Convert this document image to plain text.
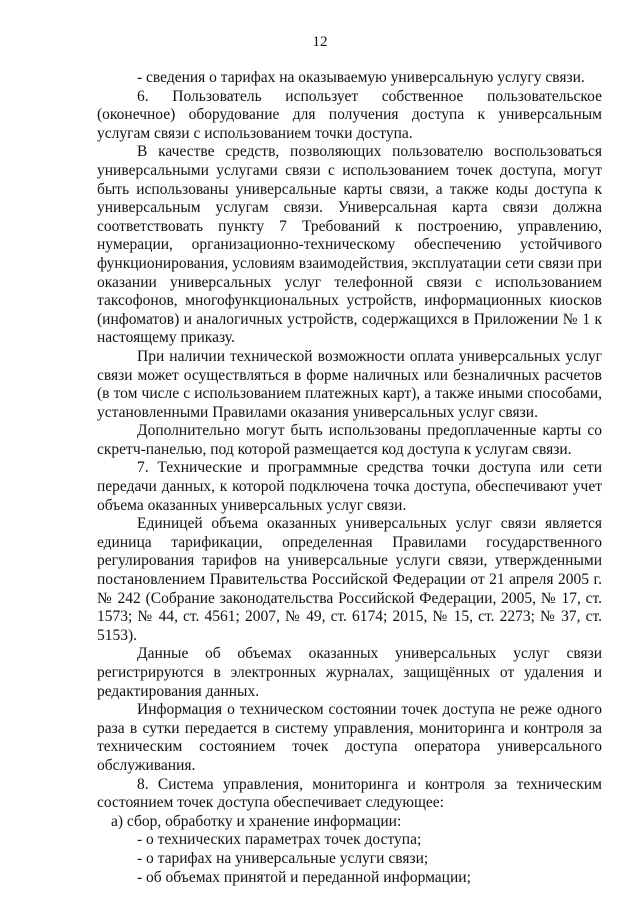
12

- сведения о тарифах на оказываемую универсальную услугу связи.

6. Пользователь использует собственное пользовательское (оконечное) оборудование для получения доступа к универсальным услугам связи с использованием точки доступа.

В качестве средств, позволяющих пользователю воспользоваться универсальными услугами связи с использованием точек доступа, могут быть использованы универсальные карты связи, а также коды доступа к универсальным услугам связи. Универсальная карта связи должна соответствовать пункту 7 Требований к построению, управлению, нумерации, организационно-техническому обеспечению устойчивого функционирования, условиям взаимодействия, эксплуатации сети связи при оказании универсальных услуг телефонной связи с использованием таксофонов, многофункциональных устройств, информационных киосков (инфоматов) и аналогичных устройств, содержащихся в Приложении № 1 к настоящему приказу.

При наличии технической возможности оплата универсальных услуг связи может осуществляться в форме наличных или безналичных расчетов (в том числе с использованием платежных карт), а также иными способами, установленными Правилами оказания универсальных услуг связи.

Дополнительно могут быть использованы предоплаченные карты со скретч-панелью, под которой размещается код доступа к услугам связи.

7. Технические и программные средства точки доступа или сети передачи данных, к которой подключена точка доступа, обеспечивают учет объема оказанных универсальных услуг связи.

Единицей объема оказанных универсальных услуг связи является единица тарификации, определенная Правилами государственного регулирования тарифов на универсальные услуги связи, утвержденными постановлением Правительства Российской Федерации от 21 апреля 2005 г. № 242 (Собрание законодательства Российской Федерации, 2005, № 17, ст. 1573; № 44, ст. 4561; 2007, № 49, ст. 6174; 2015, № 15, ст. 2273; № 37, ст. 5153).

Данные об объемах оказанных универсальных услуг связи регистрируются в электронных журналах, защищённых от удаления и редактирования данных.

Информация о техническом состоянии точек доступа не реже одного раза в сутки передается в систему управления, мониторинга и контроля за техническим состоянием точек доступа оператора универсального обслуживания.

8. Система управления, мониторинга и контроля за техническим состоянием точек доступа обеспечивает следующее:

а) сбор, обработку и хранение информации:

- о технических параметрах точек доступа;

- о тарифах на универсальные услуги связи;

- об объемах принятой и переданной информации;
